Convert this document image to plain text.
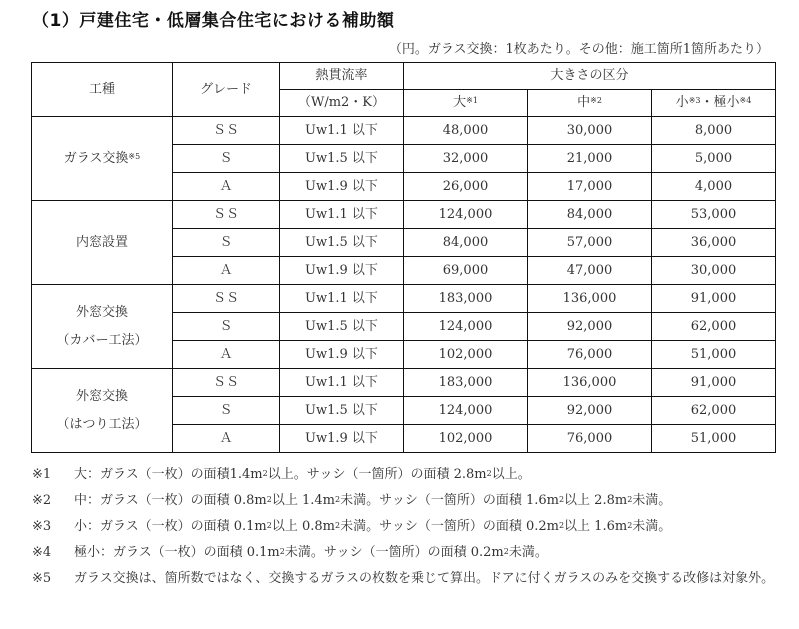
（1）戸建住宅・低層集合住宅における補助額
（円。ガラス交換：1枚あたり。その他：施工箇所1箇所あたり）
工種	グレード	熱貫流率	大きさの区分		
		（W/m2・K）	大$^{※1}$	中$^{※2}$	小$^{※3}$・極小$^{※4}$
ガラス交換$^{※5}$	ＳＳ	Uw1.1 以下	48,000	30,000	8,000
	Ｓ	Uw1.5 以下	32,000	21,000	5,000
	Ａ	Uw1.9 以下	26,000	17,000	4,000
内窓設置	ＳＳ	Uw1.1 以下	124,000	84,000	53,000
	Ｓ	Uw1.5 以下	84,000	57,000	36,000
	Ａ	Uw1.9 以下	69,000	47,000	30,000
外窓交換
（カバー工法）	ＳＳ	Uw1.1 以下	183,000	136,000	91,000
	Ｓ	Uw1.5 以下	124,000	92,000	62,000
	Ａ	Uw1.9 以下	102,000	76,000	51,000
外窓交換
（はつり工法）	ＳＳ	Uw1.1 以下	183,000	136,000	91,000
	Ｓ	Uw1.5 以下	124,000	92,000	62,000
	Ａ	Uw1.9 以下	102,000	76,000	51,000
※1	大：ガラス（一枚）の面積$1.4m^2$以上。サッシ（一箇所）の面積 $2.8m^2$以上。
※2	中：ガラス（一枚）の面積 $0.8m^2$以上 $1.4m^2$未満。サッシ（一箇所）の面積 $1.6m^2$以上 $2.8m^2$未満。
※3	小：ガラス（一枚）の面積 $0.1m^2$以上 $0.8m^2$未満。サッシ（一箇所）の面積 $0.2m^2$以上 $1.6m^2$未満。
※4	極小：ガラス（一枚）の面積 $0.1m^2$未満。サッシ（一箇所）の面積 $0.2m^2$未満。
※5	ガラス交換は、箇所数ではなく、交換するガラスの枚数を乗じて算出。ドアに付くガラスのみを交換する改修は対象外。
